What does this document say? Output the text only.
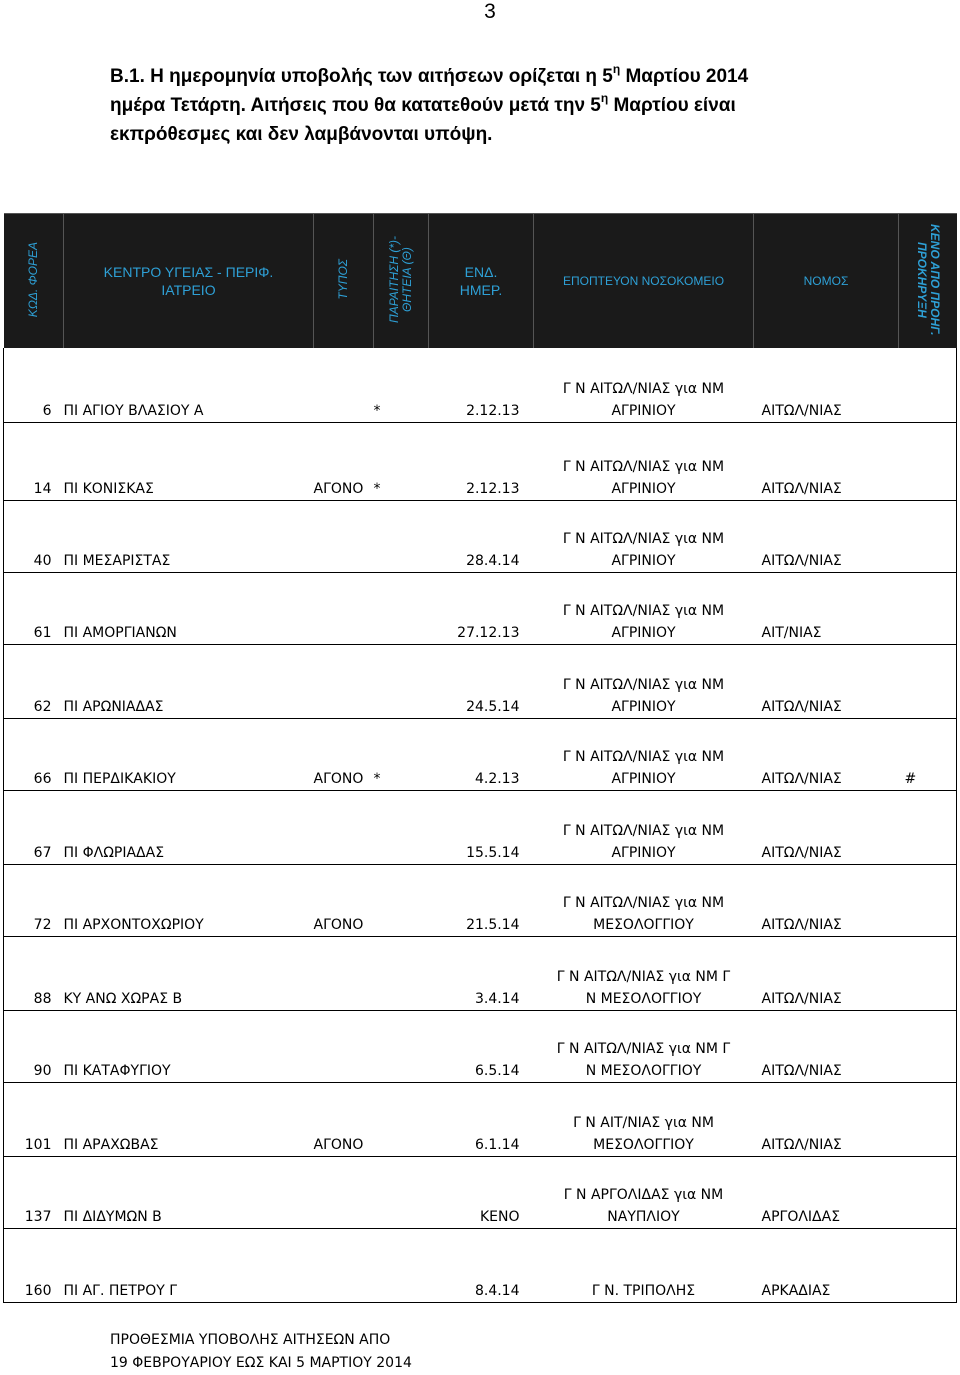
3
Β.1. Η ημερομηνία υποβολής των αιτήσεων ορίζεται η $5^\eta$ Μαρτίου 2014
ημέρα Τετάρτη. Αιτήσεις που θα κατατεθούν μετά την $5^\eta$ Μαρτίου είναι
εκπρόθεσμες και δεν λαμβάνονται υπόψη.
ΚΩΔ. ΦΟΡΕΑ	ΚΕΝΤΡΟ ΥΓΕΙΑΣ - ΠΕΡΙΦ.
ΙΑΤΡΕΙΟ	ΤΥΠΟΣ	ΠΑΡΑΙΤΗΣΗ (*)-
ΘΗΤΕΙΑ (Θ)	ΕΝΔ.
ΗΜΕΡ.	ΕΠΟΠΤΕΥΟΝ ΝΟΣΟΚΟΜΕΙΟ	ΝΟΜΟΣ	ΚΕΝΟ ΑΠΟ ΠΡΟΗΓ.
ΠΡΟΚΗΡΥΞΗ
6	ΠΙ ΑΓΙΟΥ ΒΛΑΣΙΟΥ Α		*	2.12.13	Γ Ν ΑΙΤΩΛ/ΝΙΑΣ για ΝΜ
ΑΓΡΙΝΙΟΥ	ΑΙΤΩΛ/ΝΙΑΣ	
14	ΠΙ ΚΟΝΙΣΚΑΣ	ΑΓΟΝΟ	*	2.12.13	Γ Ν ΑΙΤΩΛ/ΝΙΑΣ για ΝΜ
ΑΓΡΙΝΙΟΥ	ΑΙΤΩΛ/ΝΙΑΣ	
40	ΠΙ ΜΕΣΑΡΙΣΤΑΣ			28.4.14	Γ Ν ΑΙΤΩΛ/ΝΙΑΣ για ΝΜ
ΑΓΡΙΝΙΟΥ	ΑΙΤΩΛ/ΝΙΑΣ	
61	ΠΙ ΑΜΟΡΓΙΑΝΩΝ			27.12.13	Γ Ν ΑΙΤΩΛ/ΝΙΑΣ για ΝΜ
ΑΓΡΙΝΙΟΥ	ΑΙΤ/ΝΙΑΣ	
62	ΠΙ ΑΡΩΝΙΑΔΑΣ			24.5.14	Γ Ν ΑΙΤΩΛ/ΝΙΑΣ για ΝΜ
ΑΓΡΙΝΙΟΥ	ΑΙΤΩΛ/ΝΙΑΣ	
66	ΠΙ ΠΕΡΔΙΚΑΚΙΟΥ	ΑΓΟΝΟ	*	4.2.13	Γ Ν ΑΙΤΩΛ/ΝΙΑΣ για ΝΜ
ΑΓΡΙΝΙΟΥ	ΑΙΤΩΛ/ΝΙΑΣ	#
67	ΠΙ ΦΛΩΡΙΑΔΑΣ			15.5.14	Γ Ν ΑΙΤΩΛ/ΝΙΑΣ για ΝΜ
ΑΓΡΙΝΙΟΥ	ΑΙΤΩΛ/ΝΙΑΣ	
72	ΠΙ ΑΡΧΟΝΤΟΧΩΡΙΟΥ	ΑΓΟΝΟ		21.5.14	Γ Ν ΑΙΤΩΛ/ΝΙΑΣ για ΝΜ
ΜΕΣΟΛΟΓΓΙΟΥ	ΑΙΤΩΛ/ΝΙΑΣ	
88	ΚΥ ΑΝΩ ΧΩΡΑΣ Β			3.4.14	Γ Ν ΑΙΤΩΛ/ΝΙΑΣ για ΝΜ Γ
Ν ΜΕΣΟΛΟΓΓΙΟΥ	ΑΙΤΩΛ/ΝΙΑΣ	
90	ΠΙ ΚΑΤΑΦΥΓΙΟΥ			6.5.14	Γ Ν ΑΙΤΩΛ/ΝΙΑΣ για ΝΜ Γ
Ν ΜΕΣΟΛΟΓΓΙΟΥ	ΑΙΤΩΛ/ΝΙΑΣ	
101	ΠΙ ΑΡΑΧΩΒΑΣ	ΑΓΟΝΟ		6.1.14	Γ Ν ΑΙΤ/ΝΙΑΣ για ΝΜ
ΜΕΣΟΛΟΓΓΙΟΥ	ΑΙΤΩΛ/ΝΙΑΣ	
137	ΠΙ ΔΙΔΥΜΩΝ Β			ΚΕΝΟ	Γ Ν ΑΡΓΟΛΙΔΑΣ για ΝΜ
ΝΑΥΠΛΙΟΥ	ΑΡΓΟΛΙΔΑΣ	
160	ΠΙ ΑΓ. ΠΕΤΡΟΥ Γ			8.4.14	Γ Ν. ΤΡΙΠΟΛΗΣ	ΑΡΚΑΔΙΑΣ	
ΠΡΟΘΕΣΜΙΑ ΥΠΟΒΟΛΗΣ ΑΙΤΗΣΕΩΝ ΑΠΟ
19 ΦΕΒΡΟΥΑΡΙΟΥ ΕΩΣ ΚΑΙ 5 ΜΑΡΤΙΟΥ 2014
